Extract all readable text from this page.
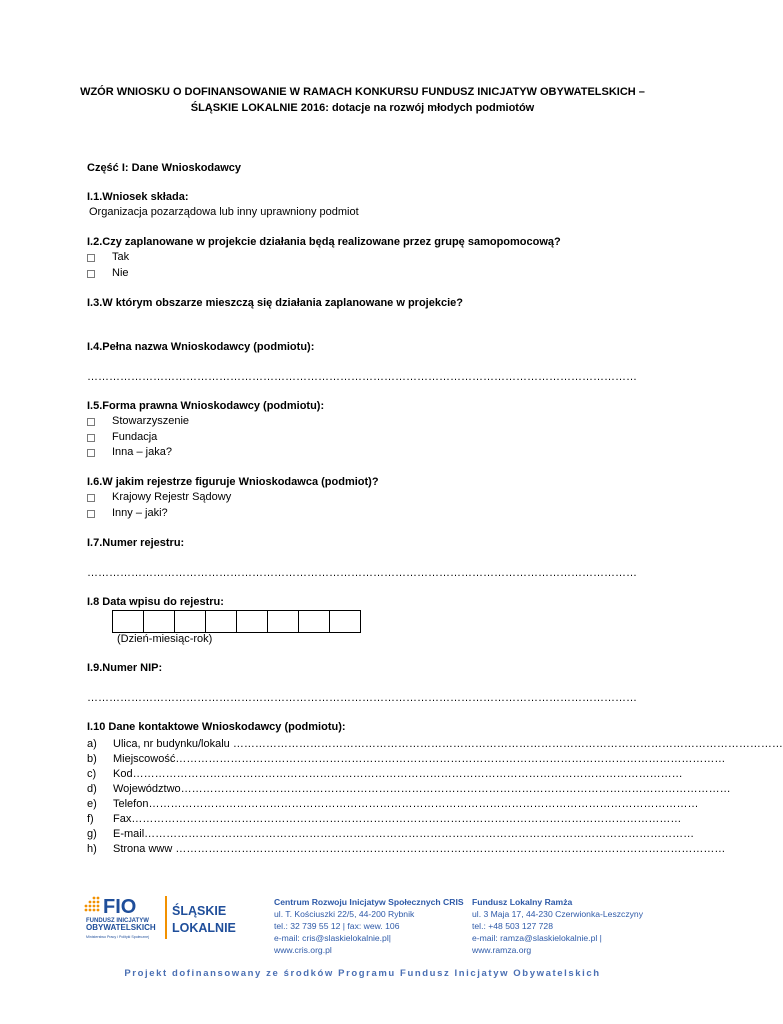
WZÓR WNIOSKU O DOFINANSOWANIE W RAMACH KONKURSU FUNDUSZ INICJATYW OBYWATELSKICH –
ŚLĄSKIE LOKALNIE 2016: dotacje na rozwój młodych podmiotów
Część I: Dane Wnioskodawcy
I.1.Wniosek składa:
Organizacja pozarządowa lub inny uprawniony podmiot
I.2.Czy zaplanowane w projekcie działania będą realizowane przez grupę samopomocową?
Tak
Nie
I.3.W którym obszarze mieszczą się działania zaplanowane w projekcie?
I.4.Pełna nazwa Wnioskodawcy (podmiotu):
……………………………………………………………………………………………………………………………………
I.5.Forma prawna Wnioskodawcy (podmiotu):
Stowarzyszenie
Fundacja
Inna – jaka?
I.6.W jakim rejestrze figuruje Wnioskodawca (podmiot)?
Krajowy Rejestr Sądowy
Inny – jaki?
I.7.Numer rejestru:
……………………………………………………………………………………………………………………………………
I.8 Data wpisu do rejestru:
(Dzień-miesiąc-rok)
I.9.Numer NIP:
……………………………………………………………………………………………………………………………………
I.10 Dane kontaktowe Wnioskodawcy (podmiotu):
a) Ulica, nr budynku/lokalu ……………………………………………………………………………………………………………………………………
b) Miejscowość……………………………………………………………………………………………………………………………………
c) Kod……………………………………………………………………………………………………………………………………
d) Województwo……………………………………………………………………………………………………………………………………
e) Telefon……………………………………………………………………………………………………………………………………
f) Fax……………………………………………………………………………………………………………………………………
g) E-mail……………………………………………………………………………………………………………………………………
h) Strona www ……………………………………………………………………………………………………………………………………
FIO
FUNDUSZ INICJATYW
OBYWATELSKICH
Ministerstwo Pracy i Polityki Społecznej
ŚLĄSKIE
LOKALNIE
Centrum Rozwoju Inicjatyw Społecznych CRIS
ul. T. Kościuszki 22/5, 44-200 Rybnik
tel.: 32 739 55 12 | fax: wew. 106
e-mail: cris@slaskielokalnie.pl|
www.cris.org.pl
Fundusz Lokalny Ramża
ul. 3 Maja 17, 44-230 Czerwionka-Leszczyny
tel.: +48 503 127 728
e-mail: ramza@slaskielokalnie.pl |
www.ramza.org
Projekt dofinansowany ze środków Programu Fundusz Inicjatyw Obywatelskich
